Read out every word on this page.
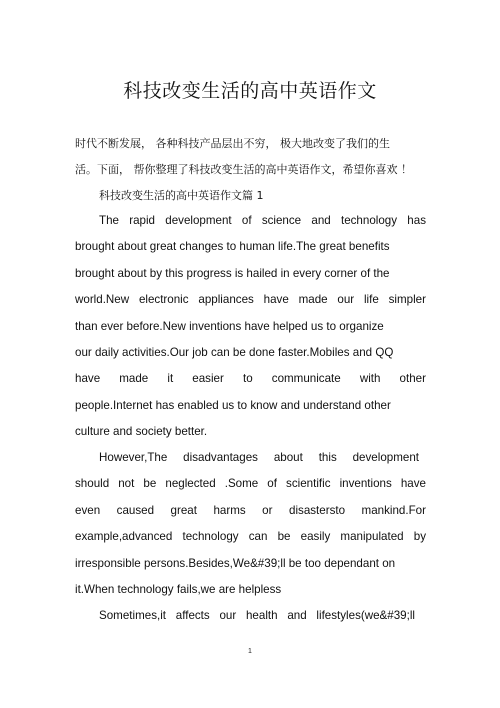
科技改变生活的高中英语作文
时代不断发展， 各种科技产品层出不穷， 极大地改变了我们的生
活。下面， 帮你整理了科技改变生活的高中英语作文，希望你喜欢 ！
科技改变生活的高中英语作文篇 1
The rapid development of science and technology has
brought about great changes to human life.The great benefits
brought about by this progress is hailed in every corner of the
world.New electronic appliances have made our life simpler
than ever before.New inventions have helped us to organize
our daily activities.Our job can be done faster.Mobiles and QQ
have made it easier to communicate with other
people.Internet has enabled us to know and understand other
culture and society better.
However,The disadvantages about this development
should not be neglected .Some of scientific inventions have
even caused great harms or disastersto mankind.For
example,advanced technology can be easily manipulated by
irresponsible persons.Besides,We&#39;ll be too dependant on
it.When technology fails,we are helpless
Sometimes,it affects our health and lifestyles(we&#39;ll
1
